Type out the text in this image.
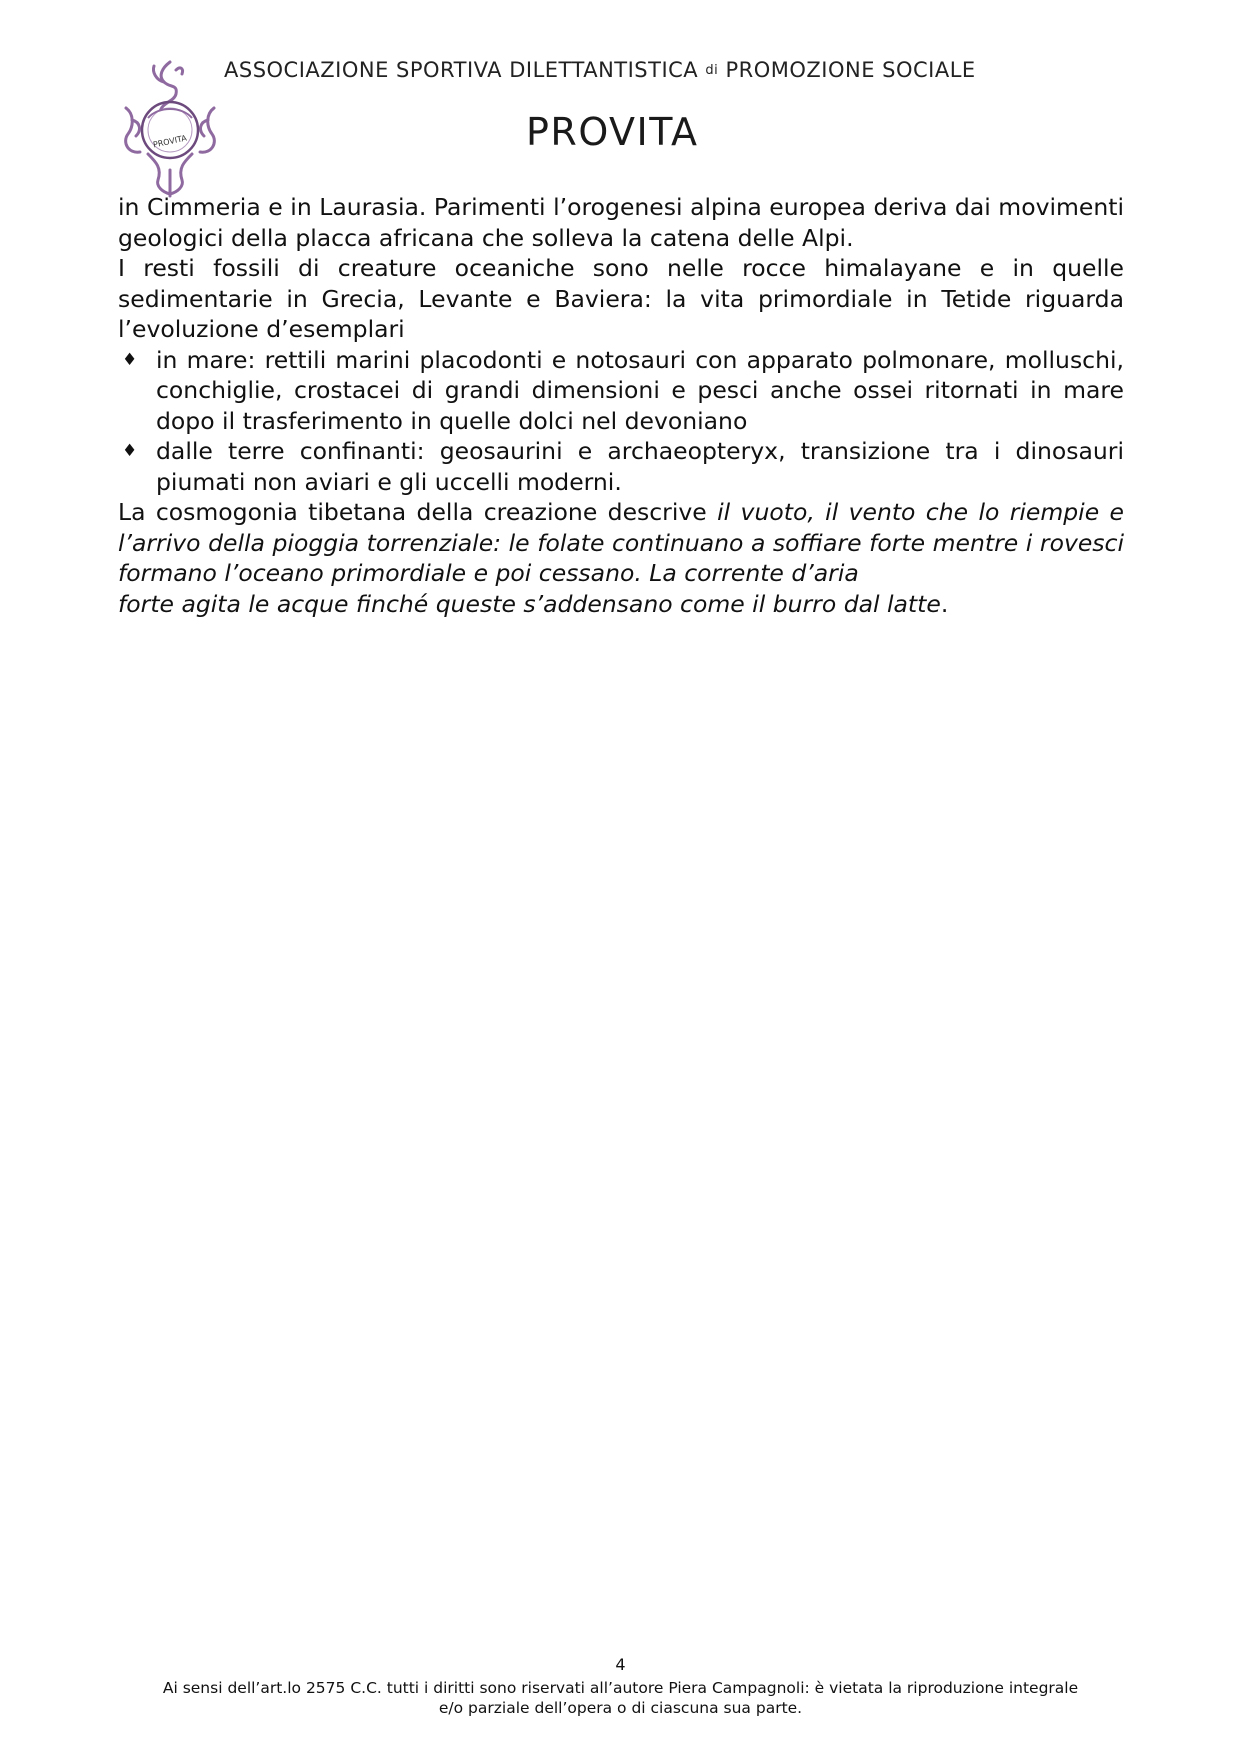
PROVITA
ASSOCIAZIONE SPORTIVA DILETTANTISTICA di PROMOZIONE SOCIALE
PROVITA

in Cimmeria e in Laurasia. Parimenti l’orogenesi alpina europea deriva dai movimenti geologici della placca africana che solleva la catena delle Alpi.

I resti fossili di creature oceaniche sono nelle rocce himalayane e in quelle sedimentarie in Grecia, Levante e Baviera: la vita primordiale in Tetide riguarda l’evoluzione d’esemplari

♦ in mare: rettili marini placodonti e notosauri con apparato polmonare, molluschi, conchiglie, crostacei di grandi dimensioni e pesci anche ossei ritornati in mare dopo il trasferimento in quelle dolci nel devoniano
♦ dalle terre confinanti: geosaurini e archaeopteryx, transizione tra i dinosauri piumati non aviari e gli uccelli moderni.

La cosmogonia tibetana della creazione descrive il vuoto, il vento che lo riempie e l’arrivo della pioggia torrenziale: le folate continuano a soffiare forte mentre i rovesci formano l’oceano primordiale e poi cessano. La corrente d’aria

forte agita le acque finché queste s’addensano come il burro dal latte.

4
Ai sensi dell’art.lo 2575 C.C. tutti i diritti sono riservati all’autore Piera Campagnoli: è vietata la riproduzione integrale
e/o parziale dell’opera o di ciascuna sua parte.
